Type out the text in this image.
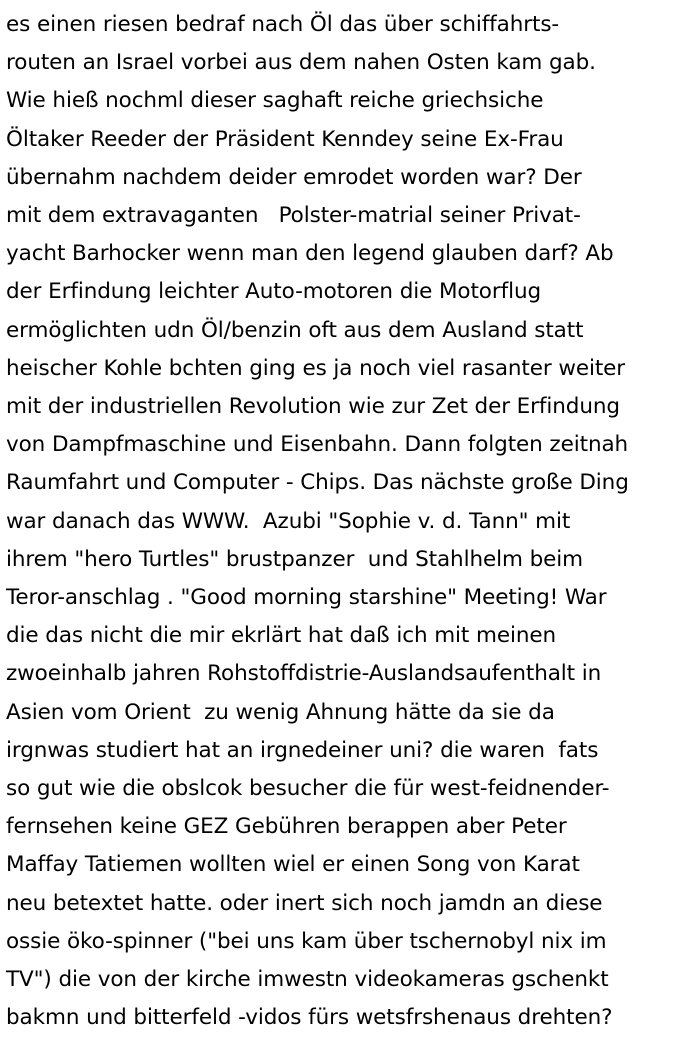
es einen riesen bedraf nach Öl das über schiffahrts-
routen an Israel vorbei aus dem nahen Osten kam gab.
Wie hieß nochml dieser saghaft reiche griechsiche
Öltaker Reeder der Präsident Kenndey seine Ex-Frau
übernahm nachdem deider emrodet worden war? Der
mit dem extravaganten   Polster-matrial seiner Privat-
yacht Barhocker wenn man den legend glauben darf? Ab
der Erfindung leichter Auto-motoren die Motorflug
ermöglichten udn Öl/benzin oft aus dem Ausland statt
heischer Kohle bchten ging es ja noch viel rasanter weiter
mit der industriellen Revolution wie zur Zet der Erfindung
von Dampfmaschine und Eisenbahn. Dann folgten zeitnah
Raumfahrt und Computer - Chips. Das nächste große Ding
war danach das WWW.  Azubi "Sophie v. d. Tann" mit
ihrem "hero Turtles" brustpanzer  und Stahlhelm beim
Teror-anschlag . "Good morning starshine" Meeting! War
die das nicht die mir ekrlärt hat daß ich mit meinen
zwoeinhalb jahren Rohstoffdistrie-Auslandsaufenthalt in
Asien vom Orient  zu wenig Ahnung hätte da sie da
irgnwas studiert hat an irgnedeiner uni? die waren  fats
so gut wie die obslcok besucher die für west-feidnender-
fernsehen keine GEZ Gebühren berappen aber Peter
Maffay Tatiemen wollten wiel er einen Song von Karat
neu betextet hatte. oder inert sich noch jamdn an diese
ossie öko-spinner ("bei uns kam über tschernobyl nix im
TV") die von der kirche imwestn videokameras gschenkt
bakmn und bitterfeld -vidos fürs wetsfrshenaus drehten?
